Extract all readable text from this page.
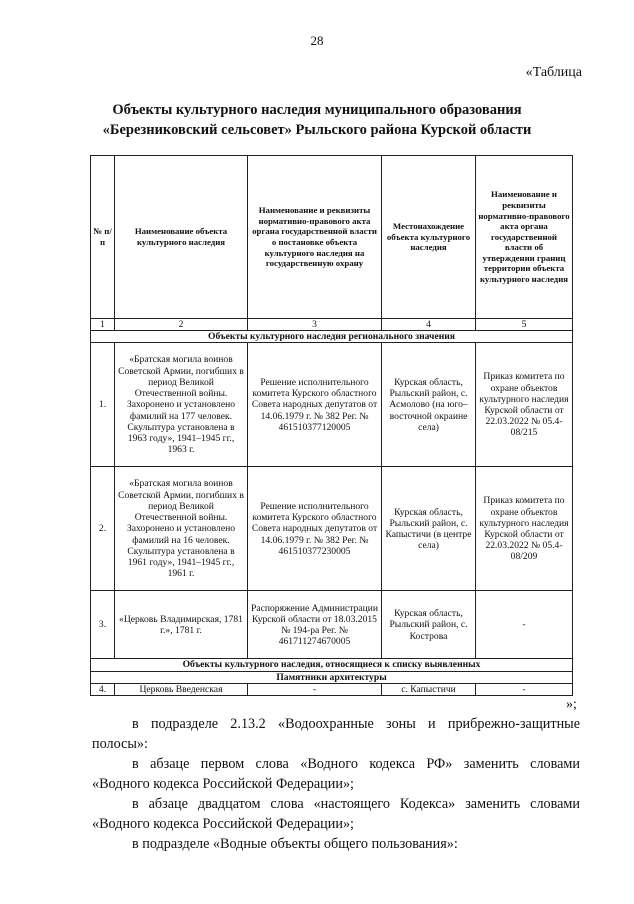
28
«Таблица
Объекты культурного наследия муниципального образования
«Березниковский сельсовет» Рыльского района Курской области
№ п/п	Наименование объекта культурного наследия	Наименование и реквизиты нормативно-правового акта органа государственной власти о постановке объекта культурного наследия на государственную охрану	Местонахождение объекта культурного наследия	Наименование и реквизиты нормативно-правового акта органа государственной власти об утверждении границ территории объекта культурного наследия
1	2	3	4	5
Объекты культурного наследия регионального значения				
1.	«Братская могила воинов Советской Армии, погибших в период Великой Отечественной войны. Захоронено и установлено фамилий на 177 человек. Скульптура установлена в 1963 году», 1941–1945 гг., 1963 г.	Решение исполнительного комитета Курского областного Совета народных депутатов от 14.06.1979 г. № 382 Рег. № 461510377120005	Курская область, Рыльский район, с. Асмолово (на юго–восточной окраине села)	Приказ комитета по охране объектов культурного наследия Курской области от 22.03.2022 № 05.4-08/215
2.	«Братская могила воинов Советской Армии, погибших в период Великой Отечественной войны. Захоронено и установлено фамилий на 16 человек. Скульптура установлена в 1961 году», 1941–1945 гг., 1961 г.	Решение исполнительного комитета Курского областного Совета народных депутатов от 14.06.1979 г. № 382 Рег. № 461510377230005	Курская область, Рыльский район, с. Капыстичи (в центре села)	Приказ комитета по охране объектов культурного наследия Курской области от 22.03.2022 № 05.4-08/209
3.	«Церковь Владимирская, 1781 г.», 1781 г.	Распоряжение Администрации Курской области от 18.03.2015 № 194-ра Рег. № 461711274670005	Курская область, Рыльский район, с. Кострова	-
Объекты культурного наследия, относящиеся к списку выявленных				
Памятники архитектуры				
4.	Церковь Введенская	-	с. Капыстичи	-
»;

в подразделе 2.13.2 «Водоохранные зоны и прибрежно-защитные

полосы»:

в абзаце первом слова «Водного кодекса РФ» заменить словами

«Водного кодекса Российской Федерации»;

в абзаце двадцатом слова «настоящего Кодекса» заменить словами

«Водного кодекса Российской Федерации»;

в подразделе «Водные объекты общего пользования»:
